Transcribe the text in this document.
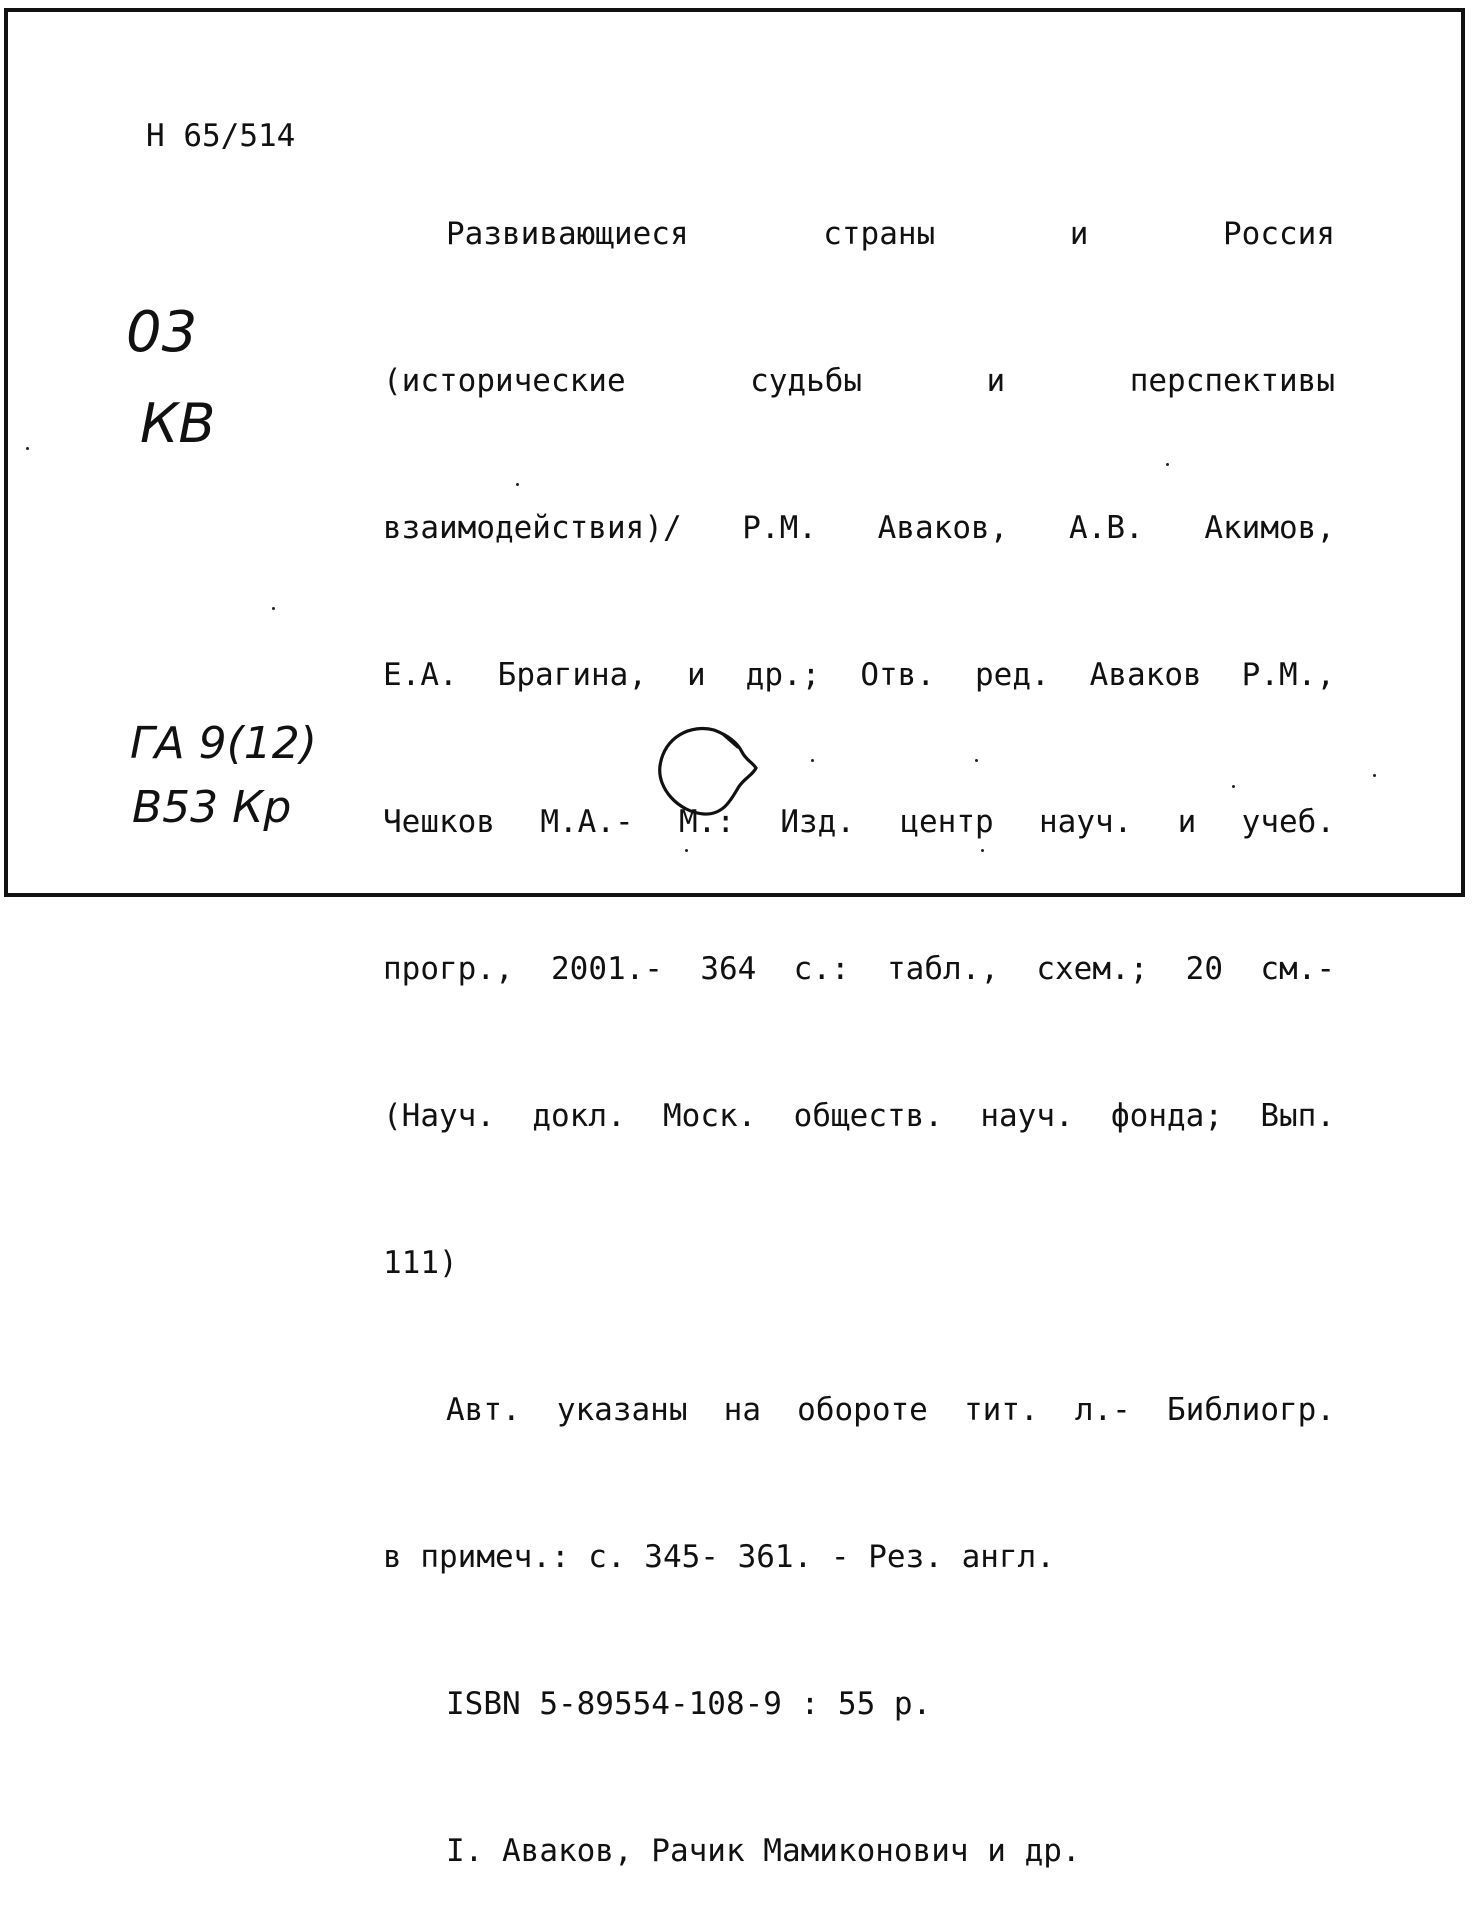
Н 65/514

Развивающиеся страны и Россия

(исторические судьбы и перспективы

взаимодействия)/ Р.М. Аваков, А.В. Акимов,

Е.А. Брагина, и др.; Отв. ред. Аваков Р.М.,

Чешков М.А.- М.: Изд. центр науч. и учеб.

прогр., 2001.- 364 с.: табл., схем.; 20 см.-

(Науч. докл. Моск. обществ. науч. фонда; Вып.

111)

Авт. указаны на обороте тит. л.- Библиогр.

в примеч.: с. 345- 361. - Рез. англ.

ISBN 5-89554-108-9 : 55 р.

I. Аваков, Рачик Мамиконович и др.

03
КВ
ГА 9(12)
В53 Кр
